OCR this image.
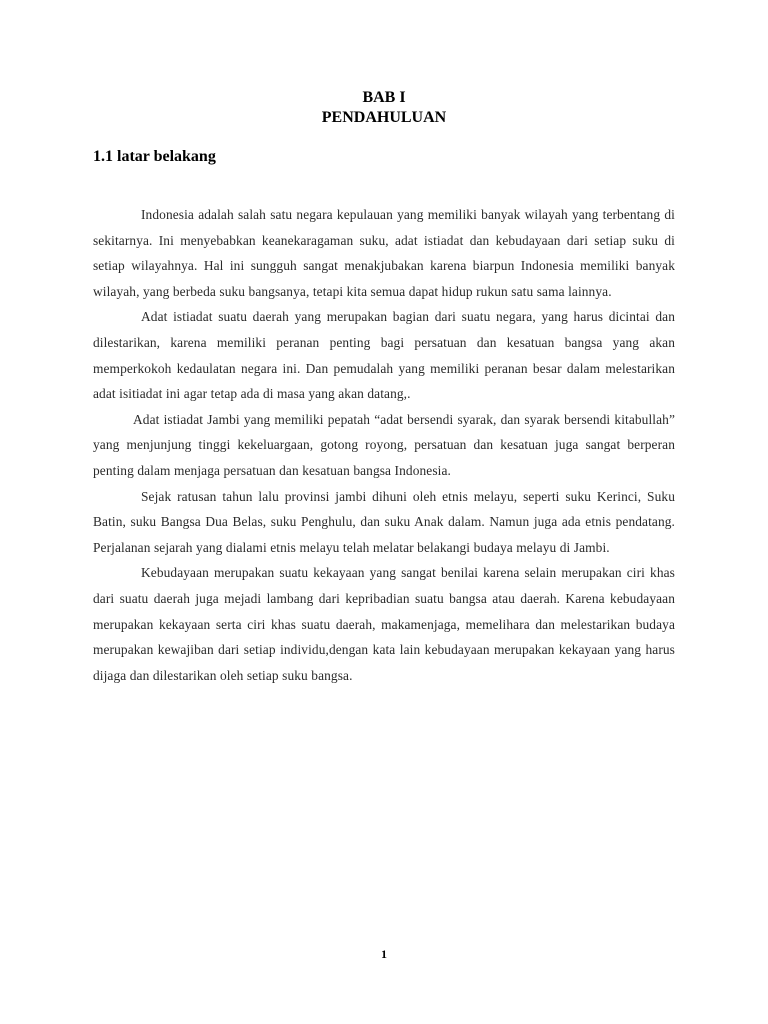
BAB I
PENDAHULUAN
1.1 latar belakang

Indonesia adalah salah satu negara kepulauan yang memiliki banyak wilayah yang terbentang di sekitarnya. Ini menyebabkan keanekaragaman suku, adat istiadat dan kebudayaan dari setiap suku di setiap wilayahnya. Hal ini sungguh sangat menakjubakan karena biarpun Indonesia memiliki banyak wilayah, yang berbeda suku bangsanya, tetapi kita semua dapat hidup rukun satu sama lainnya.

Adat istiadat suatu daerah yang merupakan bagian dari suatu negara, yang harus dicintai dan dilestarikan, karena memiliki peranan penting bagi persatuan dan kesatuan bangsa yang akan memperkokoh kedaulatan negara ini. Dan pemudalah yang memiliki peranan besar dalam melestarikan adat isitiadat ini agar tetap ada di masa yang akan datang,.

Adat istiadat Jambi yang memiliki pepatah “adat bersendi syarak, dan syarak bersendi kitabullah” yang menjunjung tinggi kekeluargaan, gotong royong, persatuan dan kesatuan juga sangat berperan penting dalam menjaga persatuan dan kesatuan bangsa Indonesia.

Sejak ratusan tahun lalu provinsi jambi dihuni oleh etnis melayu, seperti suku Kerinci, Suku Batin, suku Bangsa Dua Belas, suku Penghulu, dan suku Anak dalam. Namun juga ada etnis pendatang. Perjalanan sejarah yang dialami etnis melayu telah melatar belakangi budaya melayu di Jambi.

Kebudayaan merupakan suatu kekayaan yang sangat benilai karena selain merupakan ciri khas dari suatu daerah juga mejadi lambang dari kepribadian suatu bangsa atau daerah. Karena kebudayaan merupakan kekayaan serta ciri khas suatu daerah, makamenjaga, memelihara dan melestarikan budaya merupakan kewajiban dari setiap individu,dengan kata lain kebudayaan merupakan kekayaan yang harus dijaga dan dilestarikan oleh setiap suku bangsa.

1
